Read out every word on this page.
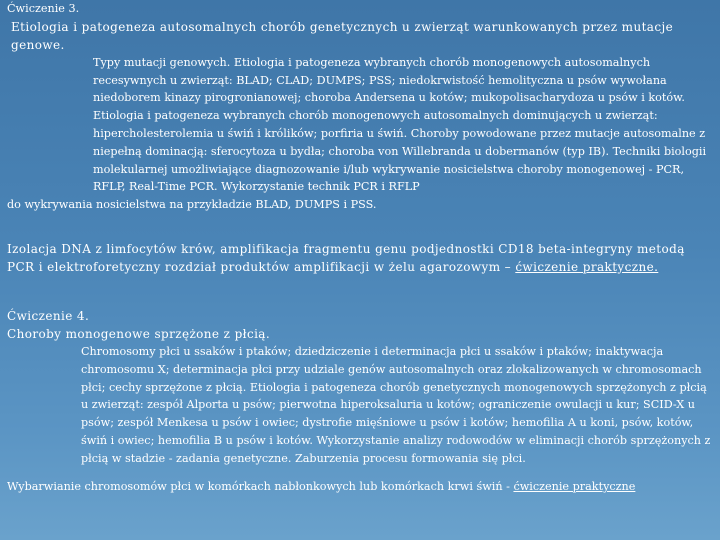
Ćwiczenie 3.

Etiologia i patogeneza autosomalnych chorób genetycznych u zwierząt warunkowanych przez mutacje genowe.

Typy mutacji genowych. Etiologia i patogeneza wybranych chorób monogenowych autosomalnych recesywnych u zwierząt: BLAD; CLAD; DUMPS; PSS; niedokrwistość hemolityczna u psów wywołana niedoborem kinazy pirogronianowej; choroba Andersena u kotów; mukopolisacharydoza u psów i kotów. Etiologia i patogeneza wybranych chorób monogenowych autosomalnych dominujących u zwierząt: hipercholesterolemia u świń i królików; porfiria u świń. Choroby powodowane przez mutacje autosomalne z niepełną dominacją: sferocytoza u bydła; choroba von Willebranda u dobermanów (typ IB). Techniki biologii molekularnej umożliwiające diagnozowanie i/lub wykrywanie nosicielstwa choroby monogenowej - PCR, RFLP, Real-Time PCR. Wykorzystanie technik PCR i RFLP

do wykrywania nosicielstwa na przykładzie BLAD, DUMPS i PSS.

Izolacja DNA z limfocytów krów, amplifikacja fragmentu genu podjednostki CD18 beta-integryny metodą PCR i elektroforetyczny rozdział produktów amplifikacji w żelu agarozowym – ćwiczenie praktyczne.

Ćwiczenie 4.

Choroby monogenowe sprzężone z płcią.

Chromosomy płci u ssaków i ptaków; dziedziczenie i determinacja płci u ssaków i ptaków; inaktywacja chromosomu X; determinacja płci przy udziale genów autosomalnych oraz zlokalizowanych w chromosomach płci; cechy sprzężone z płcią. Etiologia i patogeneza chorób genetycznych monogenowych sprzężonych z płcią u zwierząt: zespół Alporta u psów; pierwotna hiperoksaluria u kotów; ograniczenie owulacji u kur; SCID-X u psów; zespół Menkesa u psów i owiec; dystrofie mięśniowe u psów i kotów; hemofilia A u koni, psów, kotów, świń i owiec; hemofilia B u psów i kotów. Wykorzystanie analizy rodowodów w eliminacji chorób sprzężonych z płcią w stadzie - zadania genetyczne. Zaburzenia procesu formowania się płci.

Wybarwianie chromosomów płci w komórkach nabłonkowych lub komórkach krwi świń - ćwiczenie praktyczne
